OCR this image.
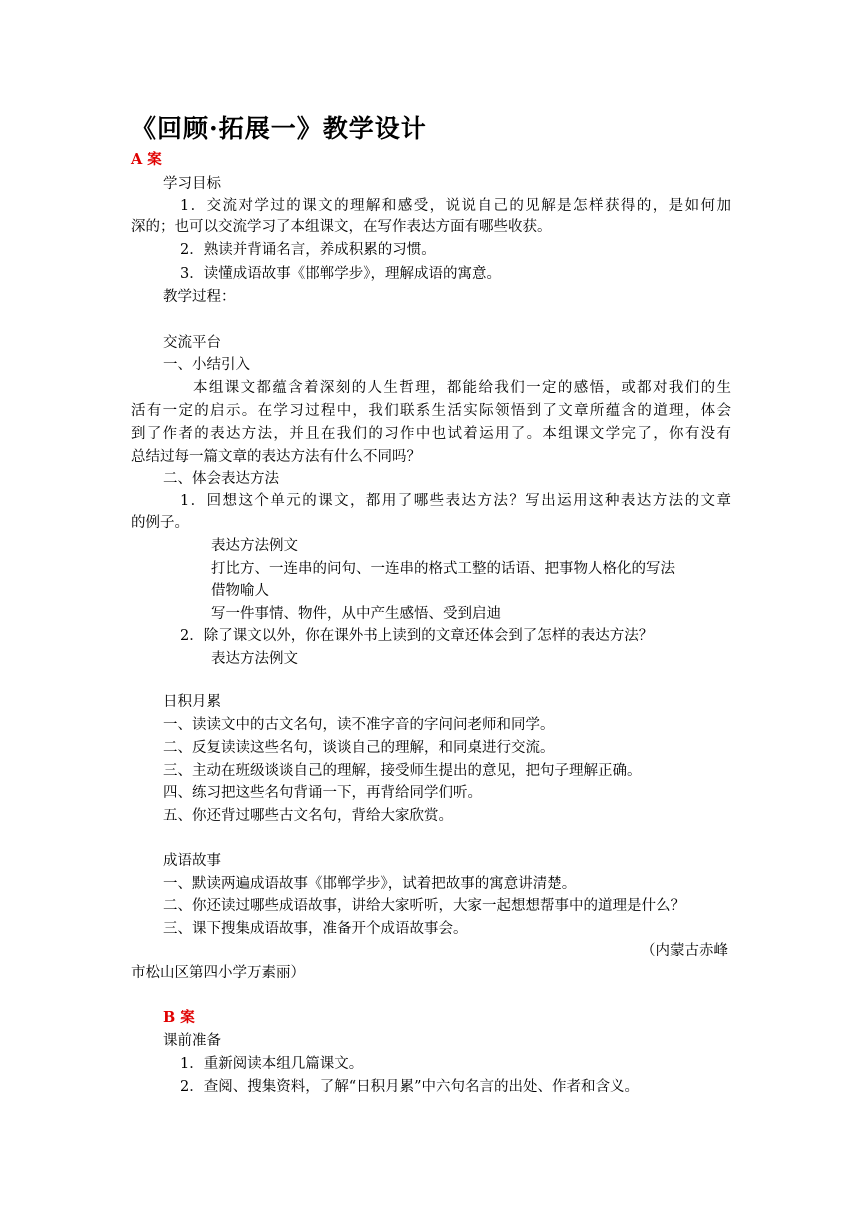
《回顾·拓展一》教学设计
A 案
学习目标
1．交流对学过的课文的理解和感受，说说自己的见解是怎样获得的，是如何加
深的；也可以交流学习了本组课文，在写作表达方面有哪些收获。
2．熟读并背诵名言，养成积累的习惯。
3．读懂成语故事《邯郸学步》，理解成语的寓意。
教学过程：
交流平台
一、小结引入
本组课文都蕴含着深刻的人生哲理，都能给我们一定的感悟，或都对我们的生
活有一定的启示。在学习过程中，我们联系生活实际领悟到了文章所蕴含的道理，体会
到了作者的表达方法，并且在我们的习作中也试着运用了。本组课文学完了，你有没有
总结过每一篇文章的表达方法有什么不同吗？
二、体会表达方法
1．回想这个单元的课文，都用了哪些表达方法？写出运用这种表达方法的文章
的例子。
表达方法例文
打比方、一连串的问句、一连串的格式工整的话语、把事物人格化的写法
借物喻人
写一件事情、物件，从中产生感悟、受到启迪
2．除了课文以外，你在课外书上读到的文章还体会到了怎样的表达方法？
表达方法例文
日积月累
一、读读文中的古文名句，读不准字音的字问问老师和同学。
二、反复读读这些名句，谈谈自己的理解，和同桌进行交流。
三、主动在班级谈谈自己的理解，接受师生提出的意见，把句子理解正确。
四、练习把这些名句背诵一下，再背给同学们听。
五、你还背过哪些古文名句，背给大家欣赏。
成语故事
一、默读两遍成语故事《邯郸学步》，试着把故事的寓意讲清楚。
二、你还读过哪些成语故事，讲给大家听听，大家一起想想帮事中的道理是什么？
三、课下搜集成语故事，准备开个成语故事会。
（内蒙古赤峰
市松山区第四小学万素丽）
B 案
课前准备
1．重新阅读本组几篇课文。
2．查阅、搜集资料，了解“日积月累”中六句名言的出处、作者和含义。
